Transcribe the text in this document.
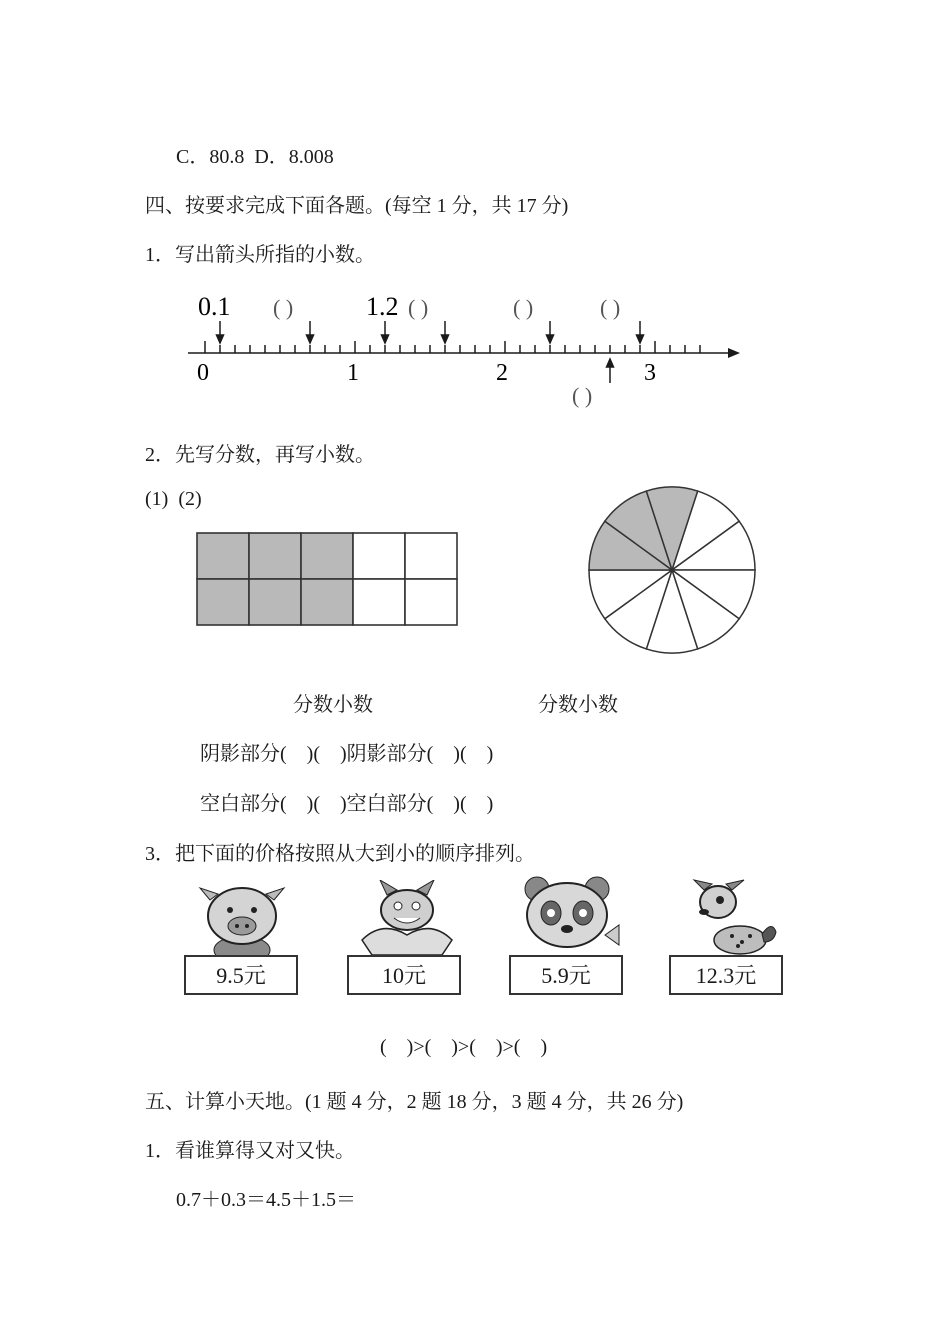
C．80.8  D．8.008
四、按要求完成下面各题。(每空 1 分，共 17 分)
1．写出箭头所指的小数。
0.1	1.2
( )	( )	( )	( )
( )
0	1	2	3
2．先写分数，再写小数。
(1)  (2)
分数小数	分数小数
阴影部分(    )(    )阴影部分(    )(    )
空白部分(    )(    )空白部分(    )(    )
3．把下面的价格按照从大到小的顺序排列。
9.5元	10元	5.9元	12.3元
(    )>(    )>(    )>(    )
五、计算小天地。(1 题 4 分，2 题 18 分，3 题 4 分，共 26 分)
1．看谁算得又对又快。
0.7＋0.3＝4.5＋1.5＝
